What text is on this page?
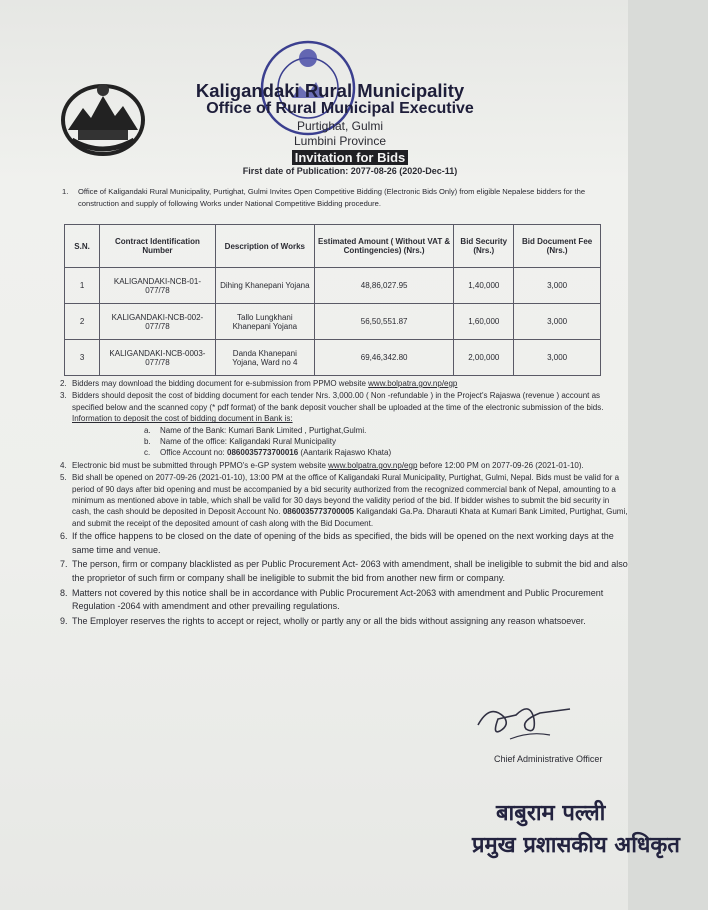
Kaligandaki Rural Municipality
Office of Rural Municipal Executive
Purtighat, Gulmi
Lumbini Province
Invitation for Bids
First date of Publication: 2077-08-26 (2020-Dec-11)
1. Office of Kaligandaki Rural Municipality, Purtighat, Gulmi Invites Open Competitive Bidding (Electronic Bids Only) from eligible Nepalese bidders for the construction and supply of following Works under National Competitive Bidding procedure.
S.N.	Contract Identification Number	Description of Works	Estimated Amount ( Without VAT & Contingencies) (Nrs.)	Bid Security (Nrs.)	Bid Document Fee (Nrs.)
1	KALIGANDAKI-NCB-01-077/78	Dihing Khanepani Yojana	48,86,027.95	1,40,000	3,000
2	KALIGANDAKI-NCB-002-077/78	Tallo Lungkhani Khanepani Yojana	56,50,551.87	1,60,000	3,000
3	KALIGANDAKI-NCB-0003-077/78	Danda Khanepani Yojana, Ward no 4	69,46,342.80	2,00,000	3,000
2. Bidders may download the bidding document for e-submission from PPMO website www.bolpatra.gov.np/egp
3. Bidders should deposit the cost of bidding document for each tender Nrs. 3,000.00 ( Non -refundable ) in the Project's Rajaswa (revenue ) account as specified below and the scanned copy (* pdf format) of the bank deposit voucher shall be uploaded at the time of the electronic submission of the bids.
Information to deposit the cost of bidding document in Bank is:
a. Name of the Bank: Kumari Bank Limited , Purtighat,Gulmi.
b. Name of the office: Kaligandaki Rural Municipality
c. Office Account no: 0860035773700016 (Aantarik Rajaswo Khata)
4. Electronic bid must be submitted through PPMO's e-GP system website www.bolpatra.gov.np/egp before 12:00 PM on 2077-09-26 (2021-01-10).
5. Bid shall be opened on 2077-09-26 (2021-01-10), 13:00 PM at the office of Kaligandaki Rural Municipality, Purtighat, Gulmi, Nepal. Bids must be valid for a period of 90 days after bid opening and must be accompanied by a bid security authorized from the recognized commercial bank of Nepal, amounting to a minimum as mentioned above in table, which shall be valid for 30 days beyond the validity period of the bid. If bidder wishes to submit the bid security in cash, the cash should be deposited in Deposit Account No. 0860035773700005 Kaligandaki Ga.Pa. Dharauti Khata at Kumari Bank Limited, Purtighat, Gumi, and submit the receipt of the deposited amount of cash along with the Bid Document.
6. If the office happens to be closed on the date of opening of the bids as specified, the bids will be opened on the next working days at the same time and venue.
7. The person, firm or company blacklisted as per Public Procurement Act- 2063 with amendment, shall be ineligible to submit the bid and also the proprietor of such firm or company shall be ineligible to submit the bid from another new firm or company.
8. Matters not covered by this notice shall be in accordance with Public Procurement Act-2063 with amendment and Public Procurement Regulation -2064 with amendment and other prevailing regulations.
9. The Employer reserves the rights to accept or reject, wholly or partly any or all the bids without assigning any reason whatsoever.
Chief Administrative Officer
बाबुराम पल्ली
प्रमुख प्रशासकीय अधिकृत
